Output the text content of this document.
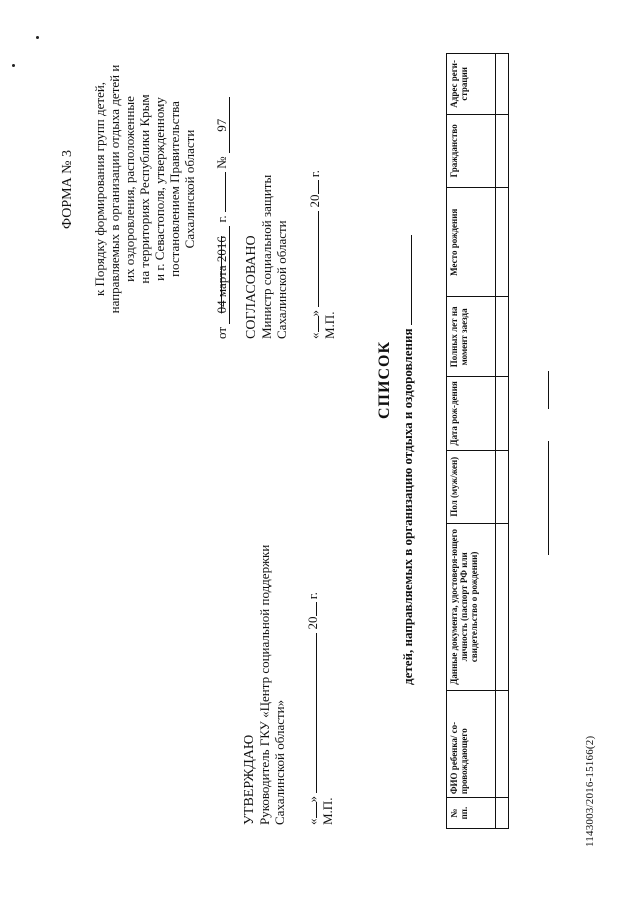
ФОРМА № 3 к Порядку формирования групп детей, направляемых в организации отдыха детей и их оздоровления, расположенные на территориях Республики Крым и г. Севастополя, утвержденному постановлением Правительства Сахалинской области
от 04 марта 2016 г.  № 97
СОГЛАСОВАНО Министр социальной защиты Сахалинской области «»  20 г.
М.П.
УТВЕРЖДАЮ Руководитель ГКУ «Центр социальной поддержки Сахалинской области» «»  20 г.
М.П.
СПИСОК детей, направляемых в организацию отдыха и оздоровления
№ пп.	ФИО ребенка/ со-провождающего	Данные документа, удостоверя-ющего личность (паспорт РФ или свидетельство о рождении)	Пол (муж/жен)	Дата рож-дения	Полных лет на момент заезда	Место рождения	Гражданство	Адрес реги-страции

1143003/2016-15166(2)
